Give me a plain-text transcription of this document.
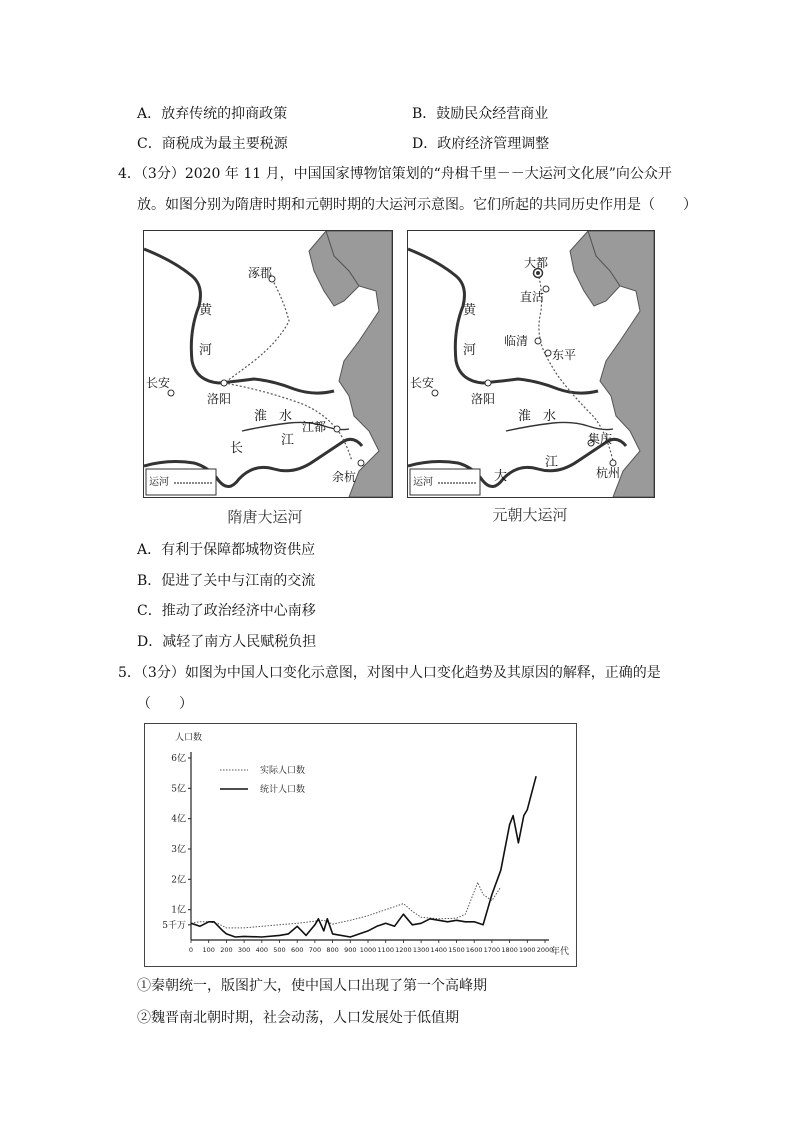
A．放弃传统的抑商政策	B．鼓励民众经营商业
C．商税成为最主要税源	D．政府经济管理调整
4．（3分）2020 年 11 月，中国国家博物馆策划的“舟楫千里－－大运河文化展”向公众开
放。如图分别为隋唐时期和元朝时期的大运河示意图。它们所起的共同历史作用是（　　）
涿郡
黄
河
长安
洛阳
淮 水
江都
长
江
余杭
运河
隋唐大运河
大都
直沽
黄
河
临清
东平
长安
洛阳
淮 水
集庆
大
江
杭州
运河
元朝大运河
A．有利于保障都城物资供应
B．促进了关中与江南的交流
C．推动了政治经济中心南移
D．减轻了南方人民赋税负担
5．（3分）如图为中国人口变化示意图，对图中人口变化趋势及其原因的解释，正确的是
（　　）
人口数
年代
5千万
1亿
2亿
3亿
4亿
5亿
6亿
0 100 200 300 400 500 600 700 800 900 1000 1100 1200 1300 1400 1500 1600 1700 1800 1900 2000
实际人口数
统计人口数
①秦朝统一，版图扩大，使中国人口出现了第一个高峰期
②魏晋南北朝时期，社会动荡，人口发展处于低值期
